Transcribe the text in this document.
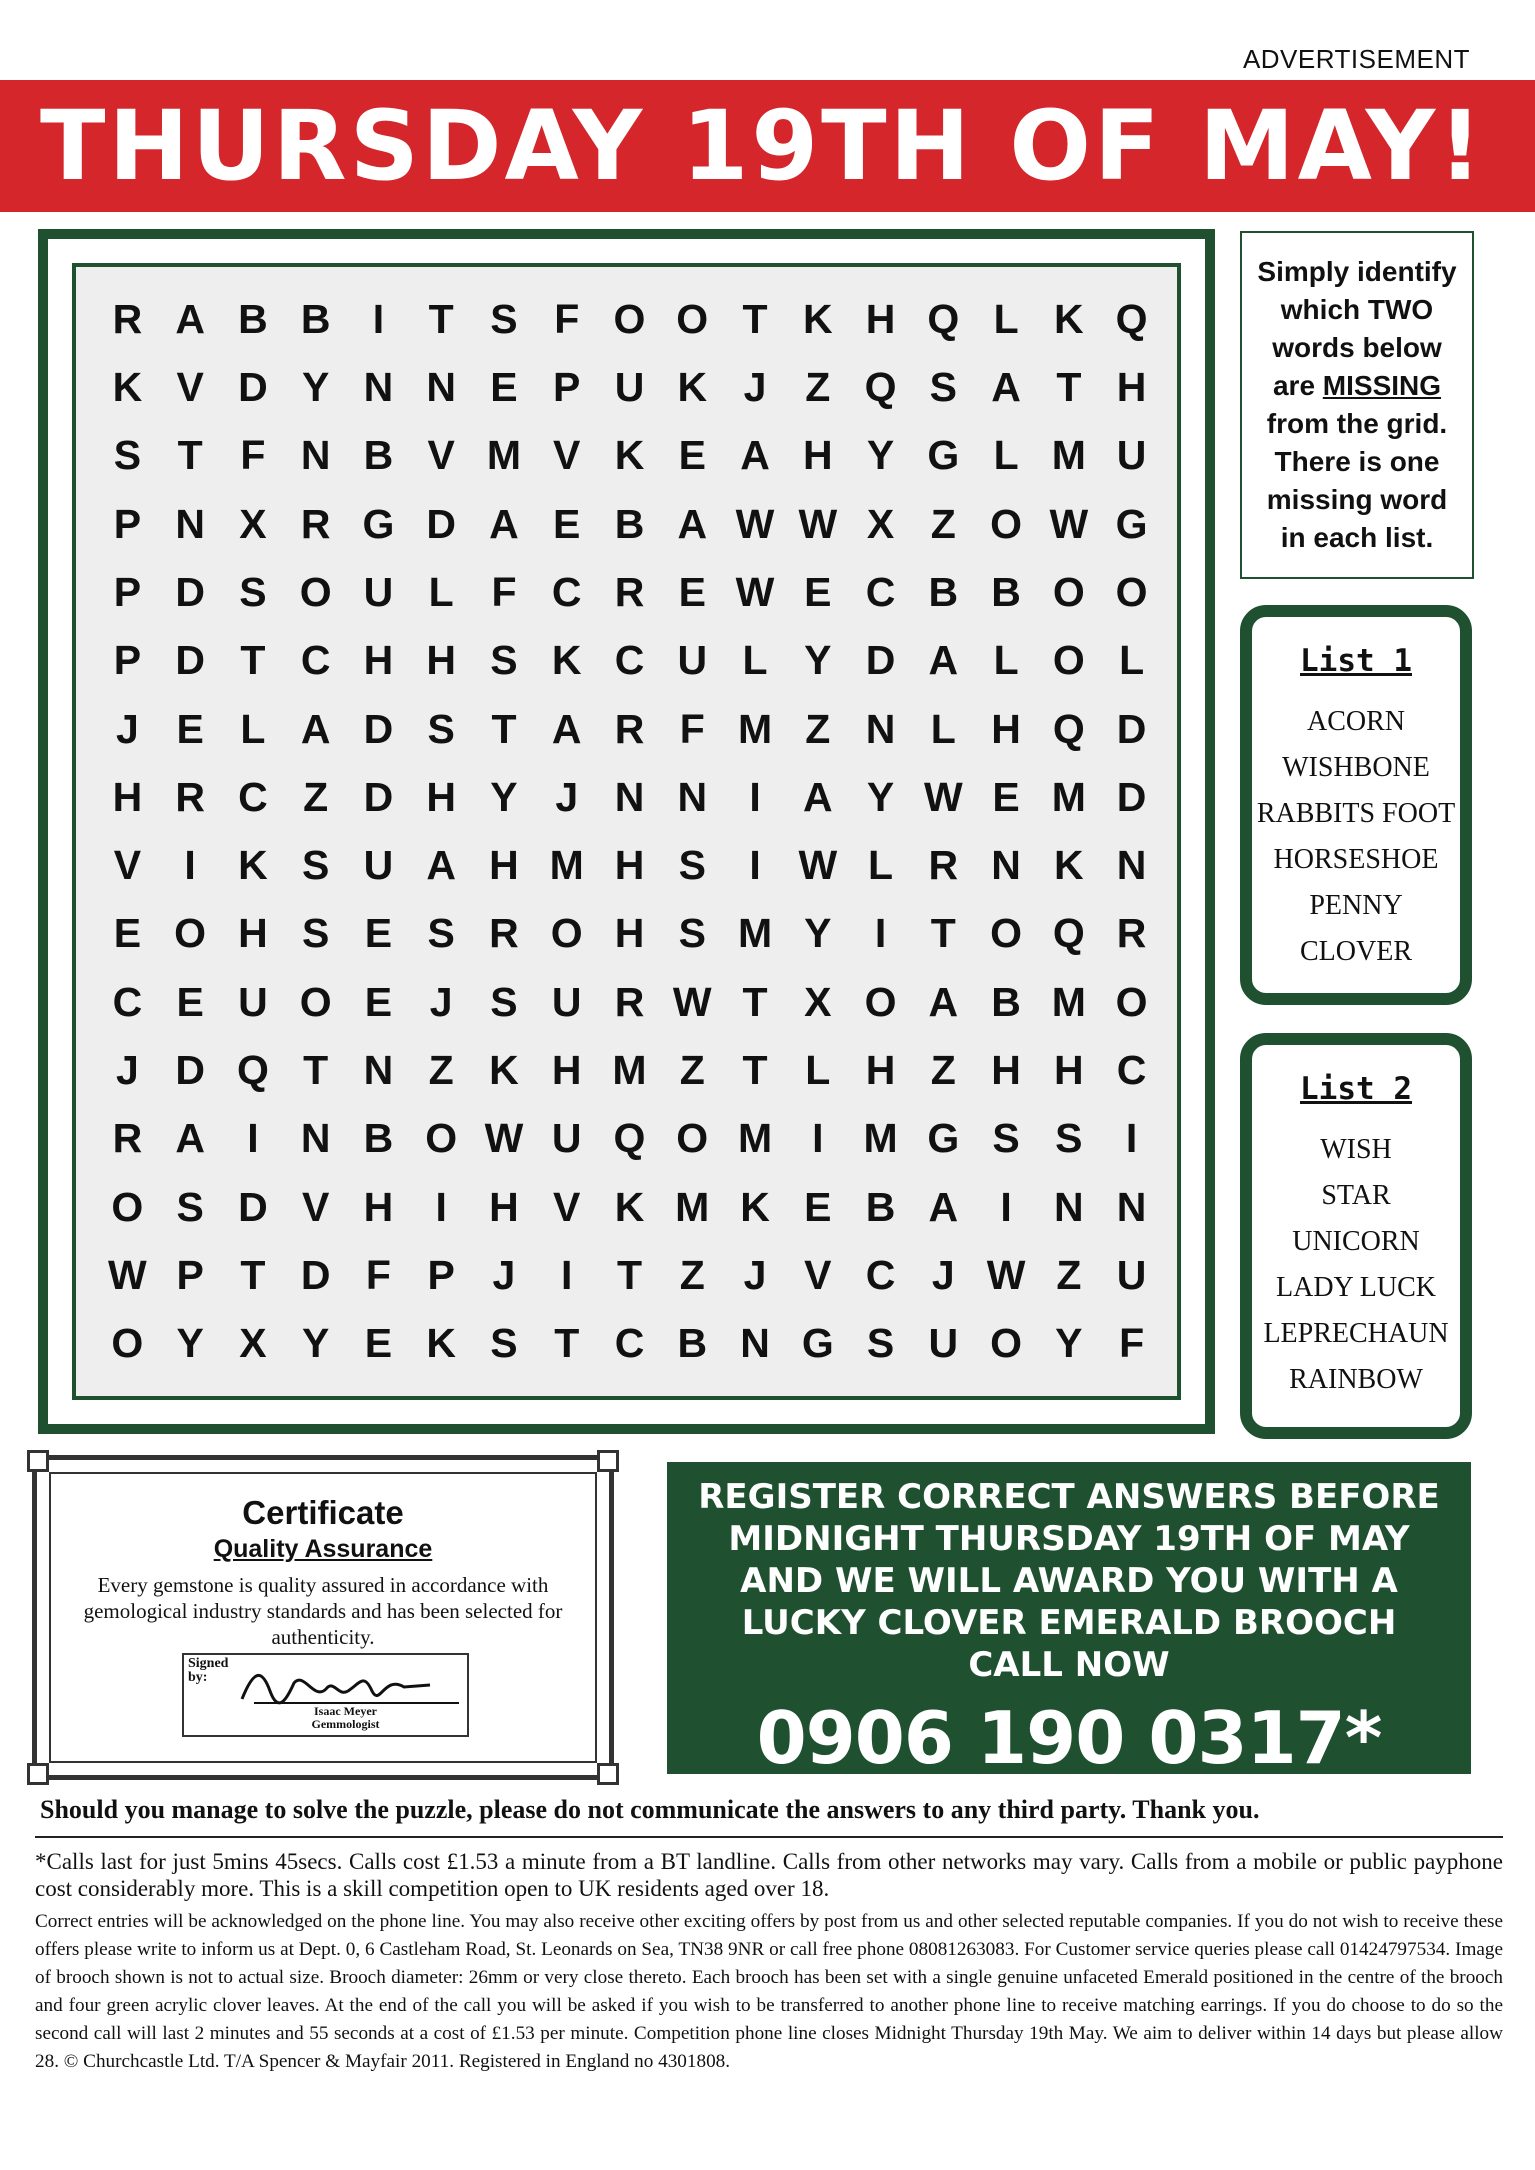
ADVERTISEMENT
THURSDAY 19TH OF MAY!
R A B B	I	T S F O O T K H Q L K Q
K V D Y N N E P U K J Z Q S A T H
S T F N B V M V K E A H Y G L M U
P N X R G D A E B A W W X Z O W G
P D S O U L F C R E W E C B B O O
P D T C H H S K C U L Y D A L O L
J E L A D S T A R F M Z N L H Q D
H R C Z D H Y J N N	I	A Y W E M D
V	I	K S U A H M H S	I W L R N K N
E O H S E S R O H S M Y	I	T O Q R
C E U O E J S U R W T X O A B M O
J D Q T N Z K H M Z T L H Z H H C
R A	I	N B O W U Q O M I M G S S	I
O S D V H	I	H V K M K E B A	I	N N
W P T D F P J	I	T Z J V C J W Z U
O Y X Y E K S T C B N G S U O Y F
Simply identify
which TWO
words below
are MISSING
from the grid.
There is one
missing word
in each list.
List 1
ACORN
WISHBONE
RABBITS FOOT
HORSESHOE
PENNY
CLOVER
List 2
WISH
STAR
UNICORN
LADY LUCK
LEPRECHAUN
RAINBOW
Certificate
Quality Assurance
Every gemstone is quality assured in accordance with gemological industry standards and has been selected for authenticity.
Signed by:
Isaac Meyer
Gemmologist
REGISTER CORRECT ANSWERS BEFORE
MIDNIGHT THURSDAY 19TH OF MAY
AND WE WILL AWARD YOU WITH A
LUCKY CLOVER EMERALD BROOCH
CALL NOW
0906 190 0317*
Should you manage to solve the puzzle, please do not communicate the answers to any third party. Thank you.
*Calls last for just 5mins 45secs. Calls cost £1.53 a minute from a BT landline. Calls from other networks may vary. Calls from a mobile or public payphone cost considerably more. This is a skill competition open to UK residents aged over 18.
Correct entries will be acknowledged on the phone line. You may also receive other exciting offers by post from us and other selected reputable companies. If you do not wish to receive these offers please write to inform us at Dept. 0, 6 Castleham Road, St. Leonards on Sea, TN38 9NR or call free phone 08081263083. For Customer service queries please call 01424797534. Image of brooch shown is not to actual size. Brooch diameter: 26mm or very close thereto. Each brooch has been set with a single genuine unfaceted Emerald positioned in the centre of the brooch and four green acrylic clover leaves. At the end of the call you will be asked if you wish to be transferred to another phone line to receive matching earrings. If you do choose to do so the second call will last 2 minutes and 55 seconds at a cost of £1.53 per minute. Competition phone line closes Midnight Thursday 19th May. We aim to deliver within 14 days but please allow 28. © Churchcastle Ltd. T/A Spencer & Mayfair 2011. Registered in England no 4301808.
